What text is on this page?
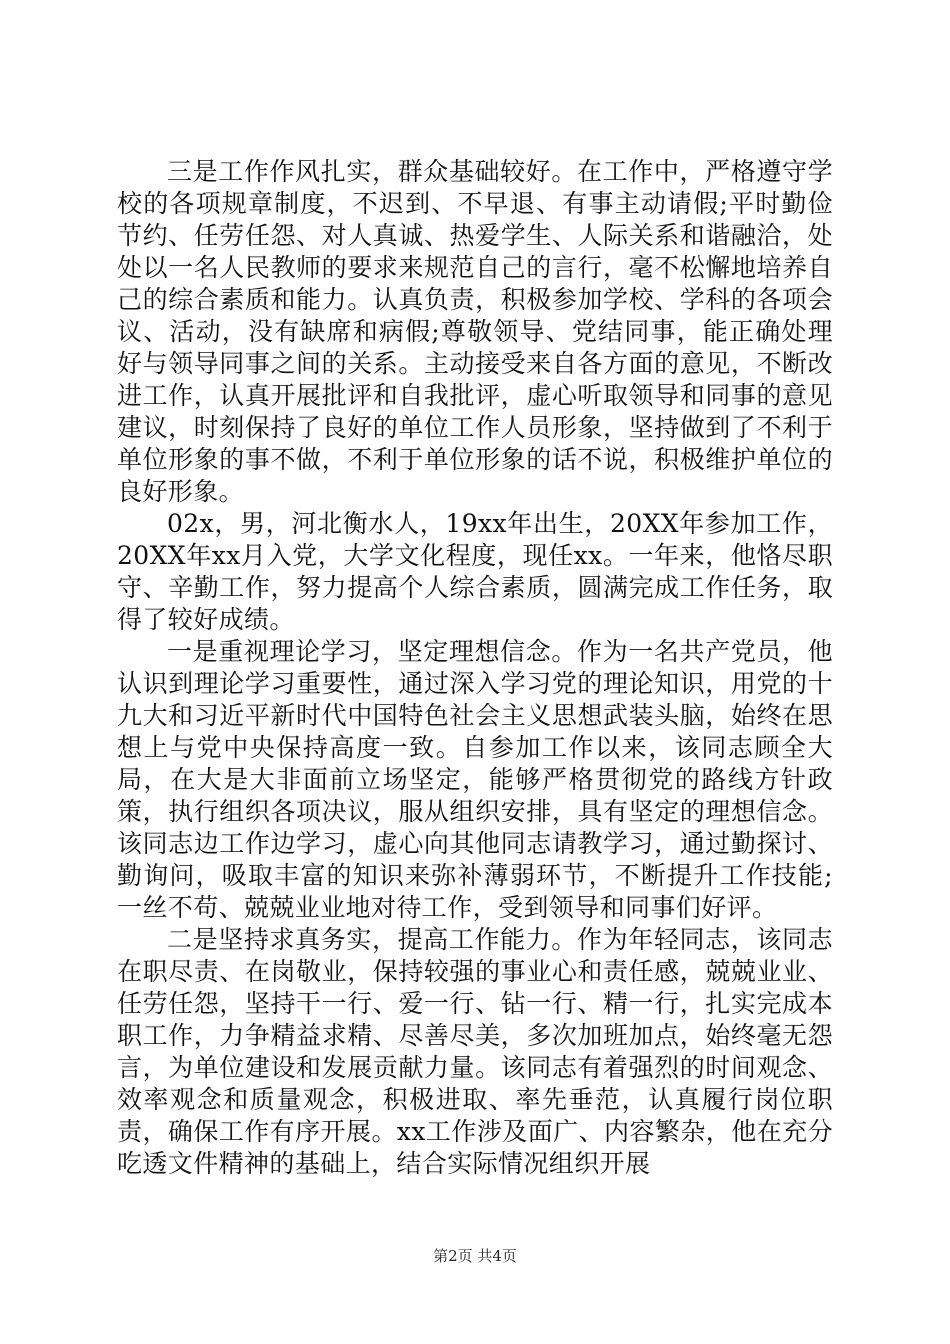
三是工作作风扎实，群众基础较好。在工作中，严格遵守学校的各项规章制度，不迟到、不早退、有事主动请假;平时勤俭节约、任劳任怨、对人真诚、热爱学生、人际关系和谐融洽，处处以一名人民教师的要求来规范自己的言行，毫不松懈地培养自己的综合素质和能力。认真负责，积极参加学校、学科的各项会议、活动，没有缺席和病假;尊敬领导、党结同事，能正确处理好与领导同事之间的关系。主动接受来自各方面的意见，不断改进工作，认真开展批评和自我批评，虚心听取领导和同事的意见建议，时刻保持了良好的单位工作人员形象，坚持做到了不利于单位形象的事不做，不利于单位形象的话不说，积极维护单位的良好形象。

02x，男，河北衡水人，19xx年出生，20XX年参加工作，20XX年xx月入党，大学文化程度，现任xx。一年来，他恪尽职守、辛勤工作，努力提高个人综合素质，圆满完成工作任务，取得了较好成绩。

一是重视理论学习，坚定理想信念。作为一名共产党员，他认识到理论学习重要性，通过深入学习党的理论知识，用党的十九大和习近平新时代中国特色社会主义思想武装头脑，始终在思想上与党中央保持高度一致。自参加工作以来，该同志顾全大局，在大是大非面前立场坚定，能够严格贯彻党的路线方针政策，执行组织各项决议，服从组织安排，具有坚定的理想信念。该同志边工作边学习，虚心向其他同志请教学习，通过勤探讨、勤询问，吸取丰富的知识来弥补薄弱环节，不断提升工作技能;一丝不苟、兢兢业业地对待工作，受到领导和同事们好评。

二是坚持求真务实，提高工作能力。作为年轻同志，该同志在职尽责、在岗敬业，保持较强的事业心和责任感，兢兢业业、任劳任怨，坚持干一行、爱一行、钻一行、精一行，扎实完成本职工作，力争精益求精、尽善尽美，多次加班加点，始终毫无怨言，为单位建设和发展贡献力量。该同志有着强烈的时间观念、效率观念和质量观念，积极进取、率先垂范，认真履行岗位职责，确保工作有序开展。xx工作涉及面广、内容繁杂，他在充分吃透文件精神的基础上，结合实际情况组织开展

第2页 共4页
